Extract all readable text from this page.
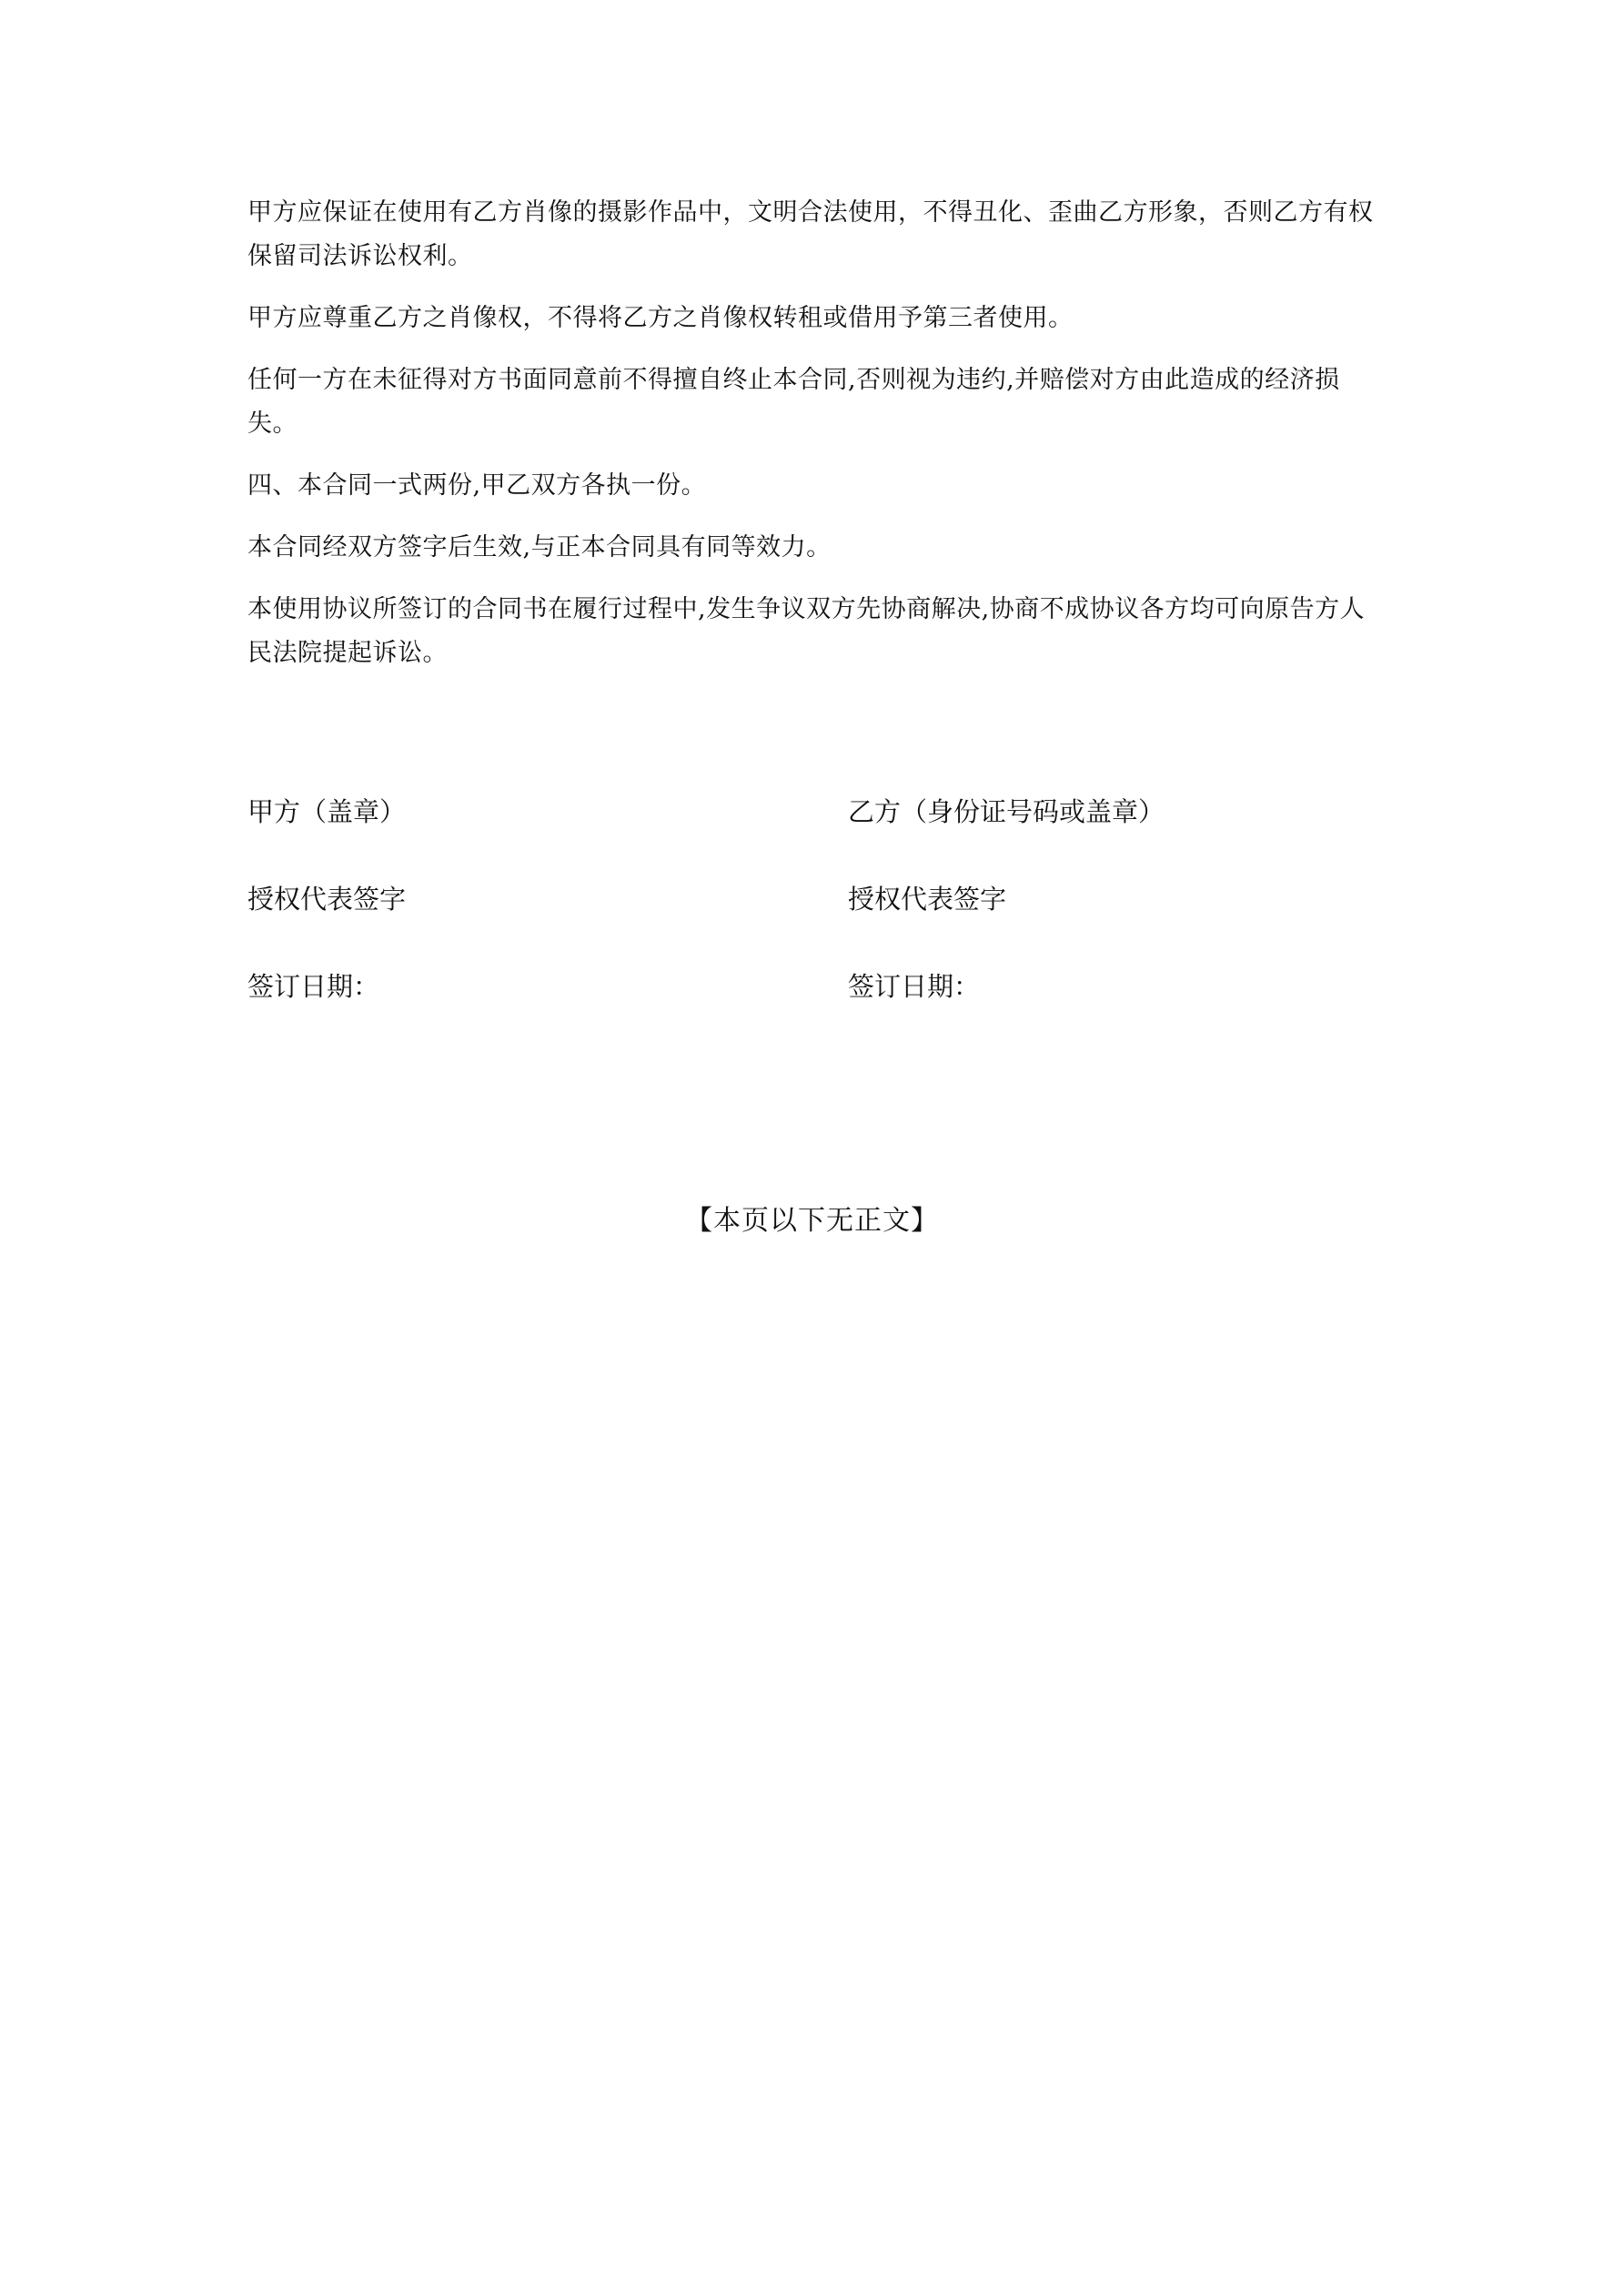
甲方应保证在使用有乙方肖像的摄影作品中，文明合法使用，不得丑化、歪曲乙方形象，否则乙方有权保留司法诉讼权利。

甲方应尊重乙方之肖像权，不得将乙方之肖像权转租或借用予第三者使用。

任何一方在未征得对方书面同意前不得擅自终止本合同,否则视为违约,并赔偿对方由此造成的经济损失。

四、本合同一式两份,甲乙双方各执一份。

本合同经双方签字后生效,与正本合同具有同等效力。

本使用协议所签订的合同书在履行过程中,发生争议双方先协商解决,协商不成协议各方均可向原告方人民法院提起诉讼。

甲方（盖章）	乙方（身份证号码或盖章）
授权代表签字	授权代表签字
签订日期：	签订日期：
【本页以下无正文】
